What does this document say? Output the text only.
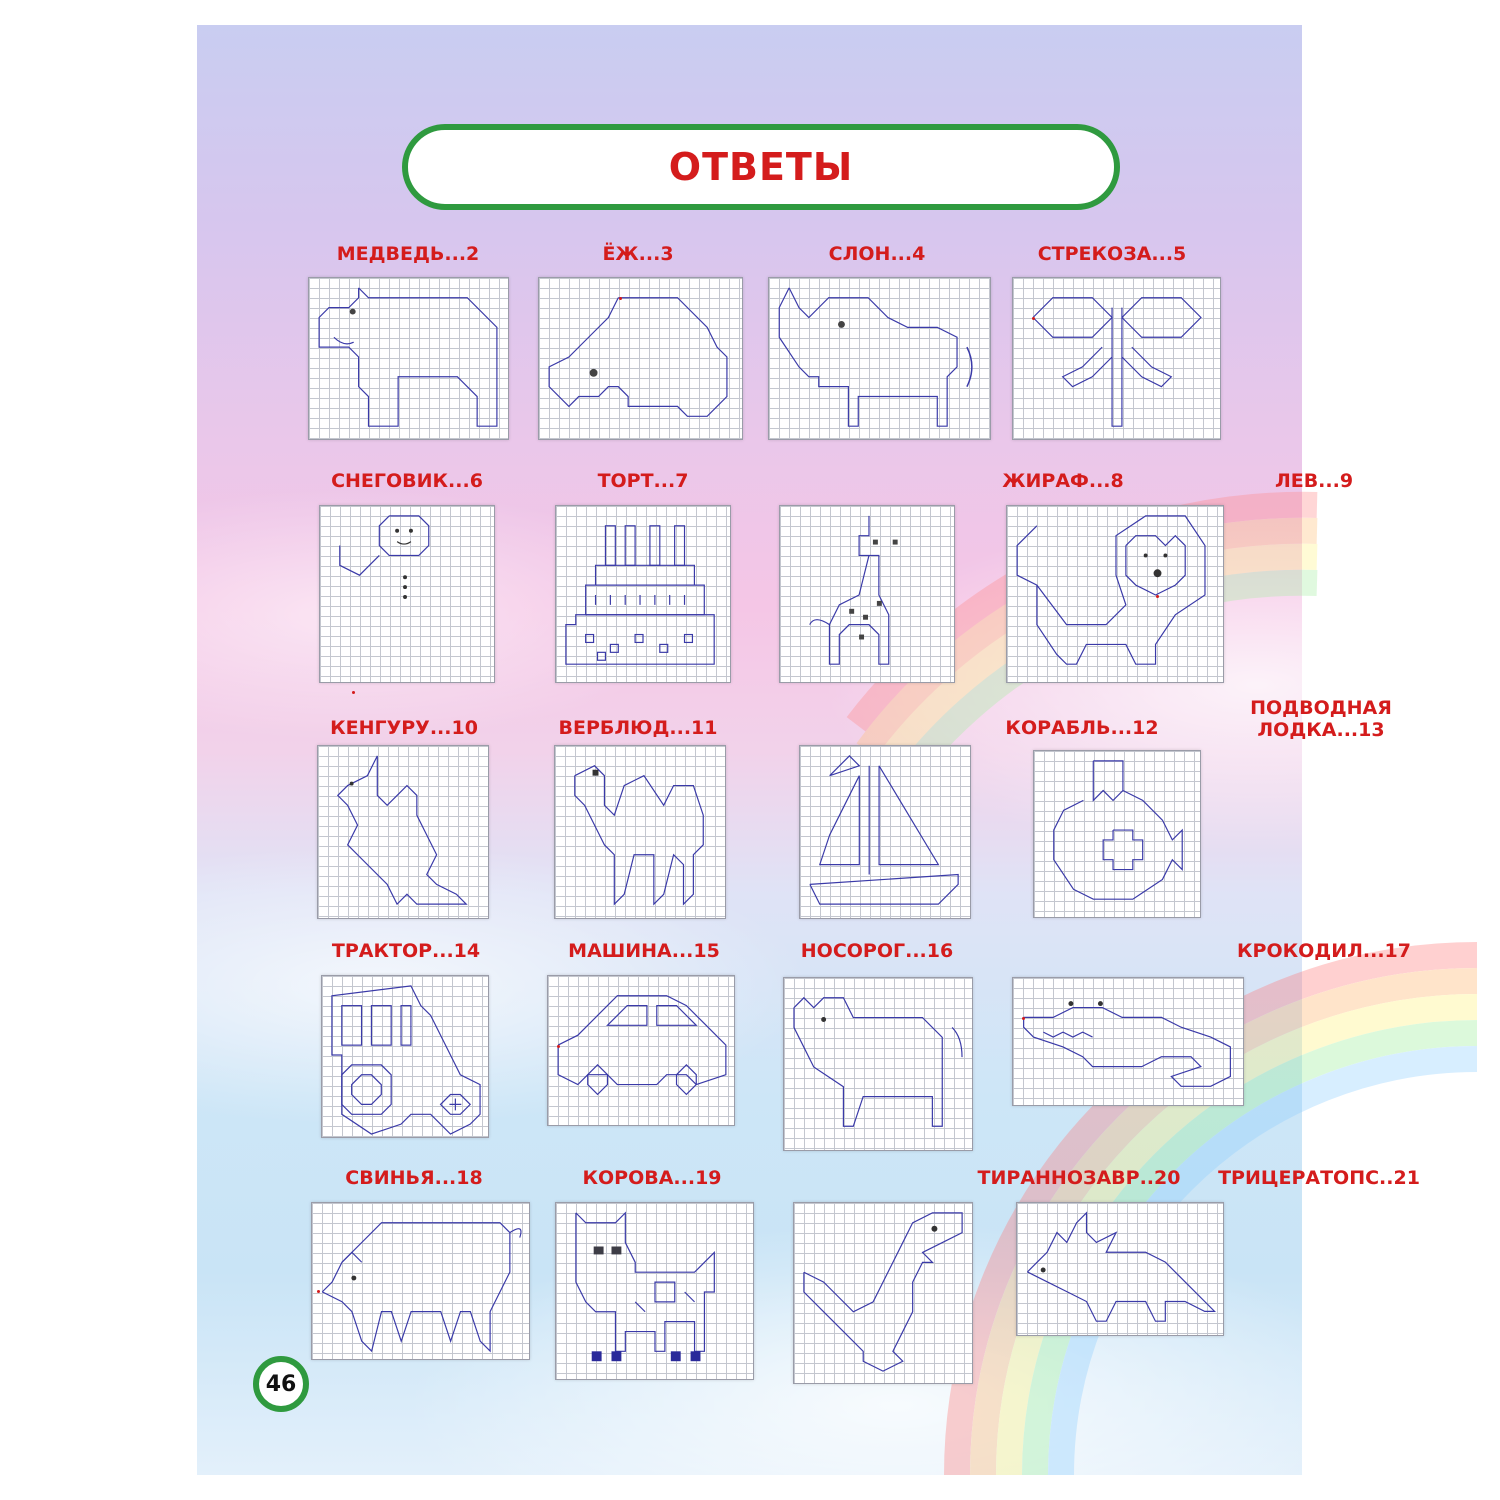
ОТВЕТЫ
МЕДВЕДЬ...2	ЁЖ...3	СЛОН...4	СТРЕКОЗА...5
СНЕГОВИК...6	ТОРТ...7	ЖИРАФ...8	ЛЕВ...9
КЕНГУРУ...10	ВЕРБЛЮД...11	КОРАБЛЬ...12
ПОДВОДНАЯ ЛОДКА...13
ТРАКТОР...14	МАШИНА...15	НОСОРОГ...16	КРОКОДИЛ...17
СВИНЬЯ...18	КОРОВА...19	ТИРАННОЗАВР..20 ТРИЦЕРАТОПС..21
46
